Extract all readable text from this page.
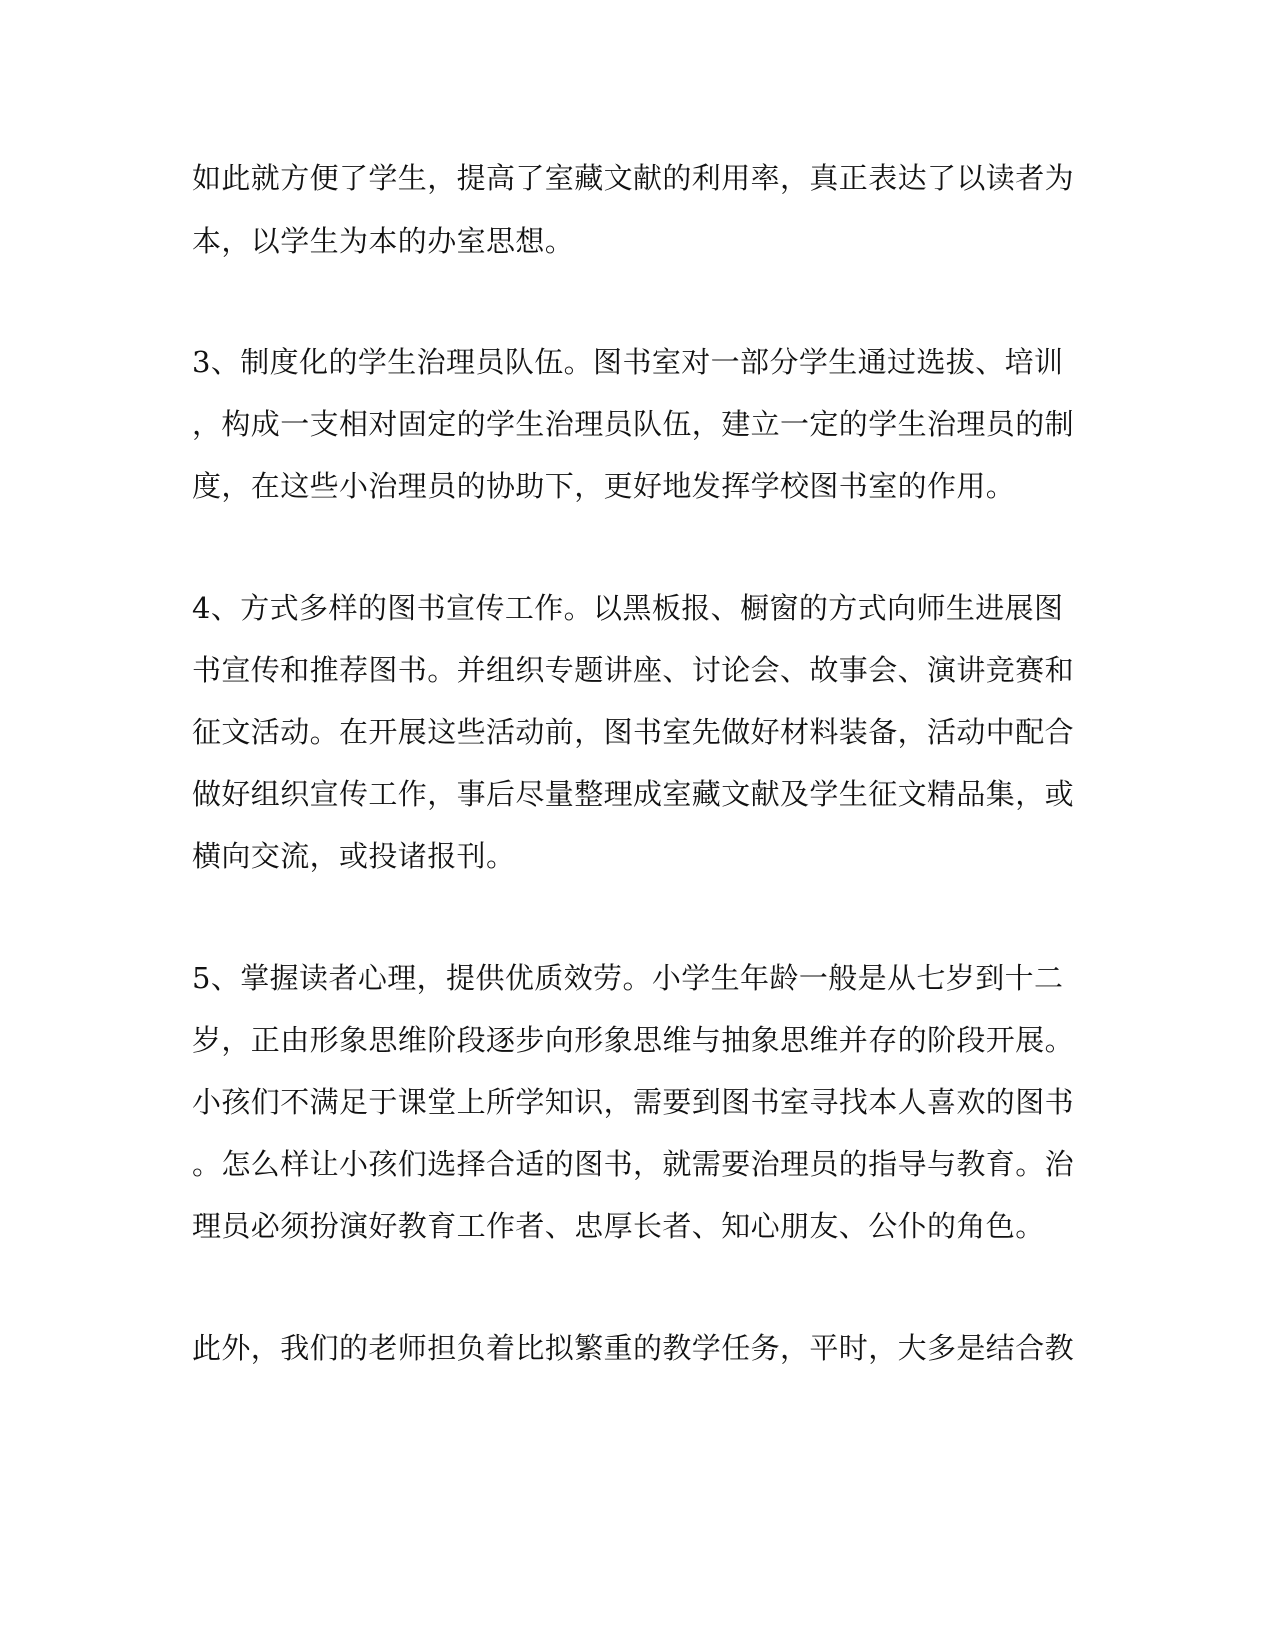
如此就方便了学生，提高了室藏文献的利用率，真正表达了以读者为
本，以学生为本的办室思想。
3、制度化的学生治理员队伍。图书室对一部分学生通过选拔、培训
，构成一支相对固定的学生治理员队伍，建立一定的学生治理员的制
度，在这些小治理员的协助下，更好地发挥学校图书室的作用。
4、方式多样的图书宣传工作。以黑板报、橱窗的方式向师生进展图
书宣传和推荐图书。并组织专题讲座、讨论会、故事会、演讲竞赛和
征文活动。在开展这些活动前，图书室先做好材料装备，活动中配合
做好组织宣传工作，事后尽量整理成室藏文献及学生征文精品集，或
横向交流，或投诸报刊。
5、掌握读者心理，提供优质效劳。小学生年龄一般是从七岁到十二
岁，正由形象思维阶段逐步向形象思维与抽象思维并存的阶段开展。
小孩们不满足于课堂上所学知识，需要到图书室寻找本人喜欢的图书
。怎么样让小孩们选择合适的图书，就需要治理员的指导与教育。治
理员必须扮演好教育工作者、忠厚长者、知心朋友、公仆的角色。
此外，我们的老师担负着比拟繁重的教学任务，平时，大多是结合教
